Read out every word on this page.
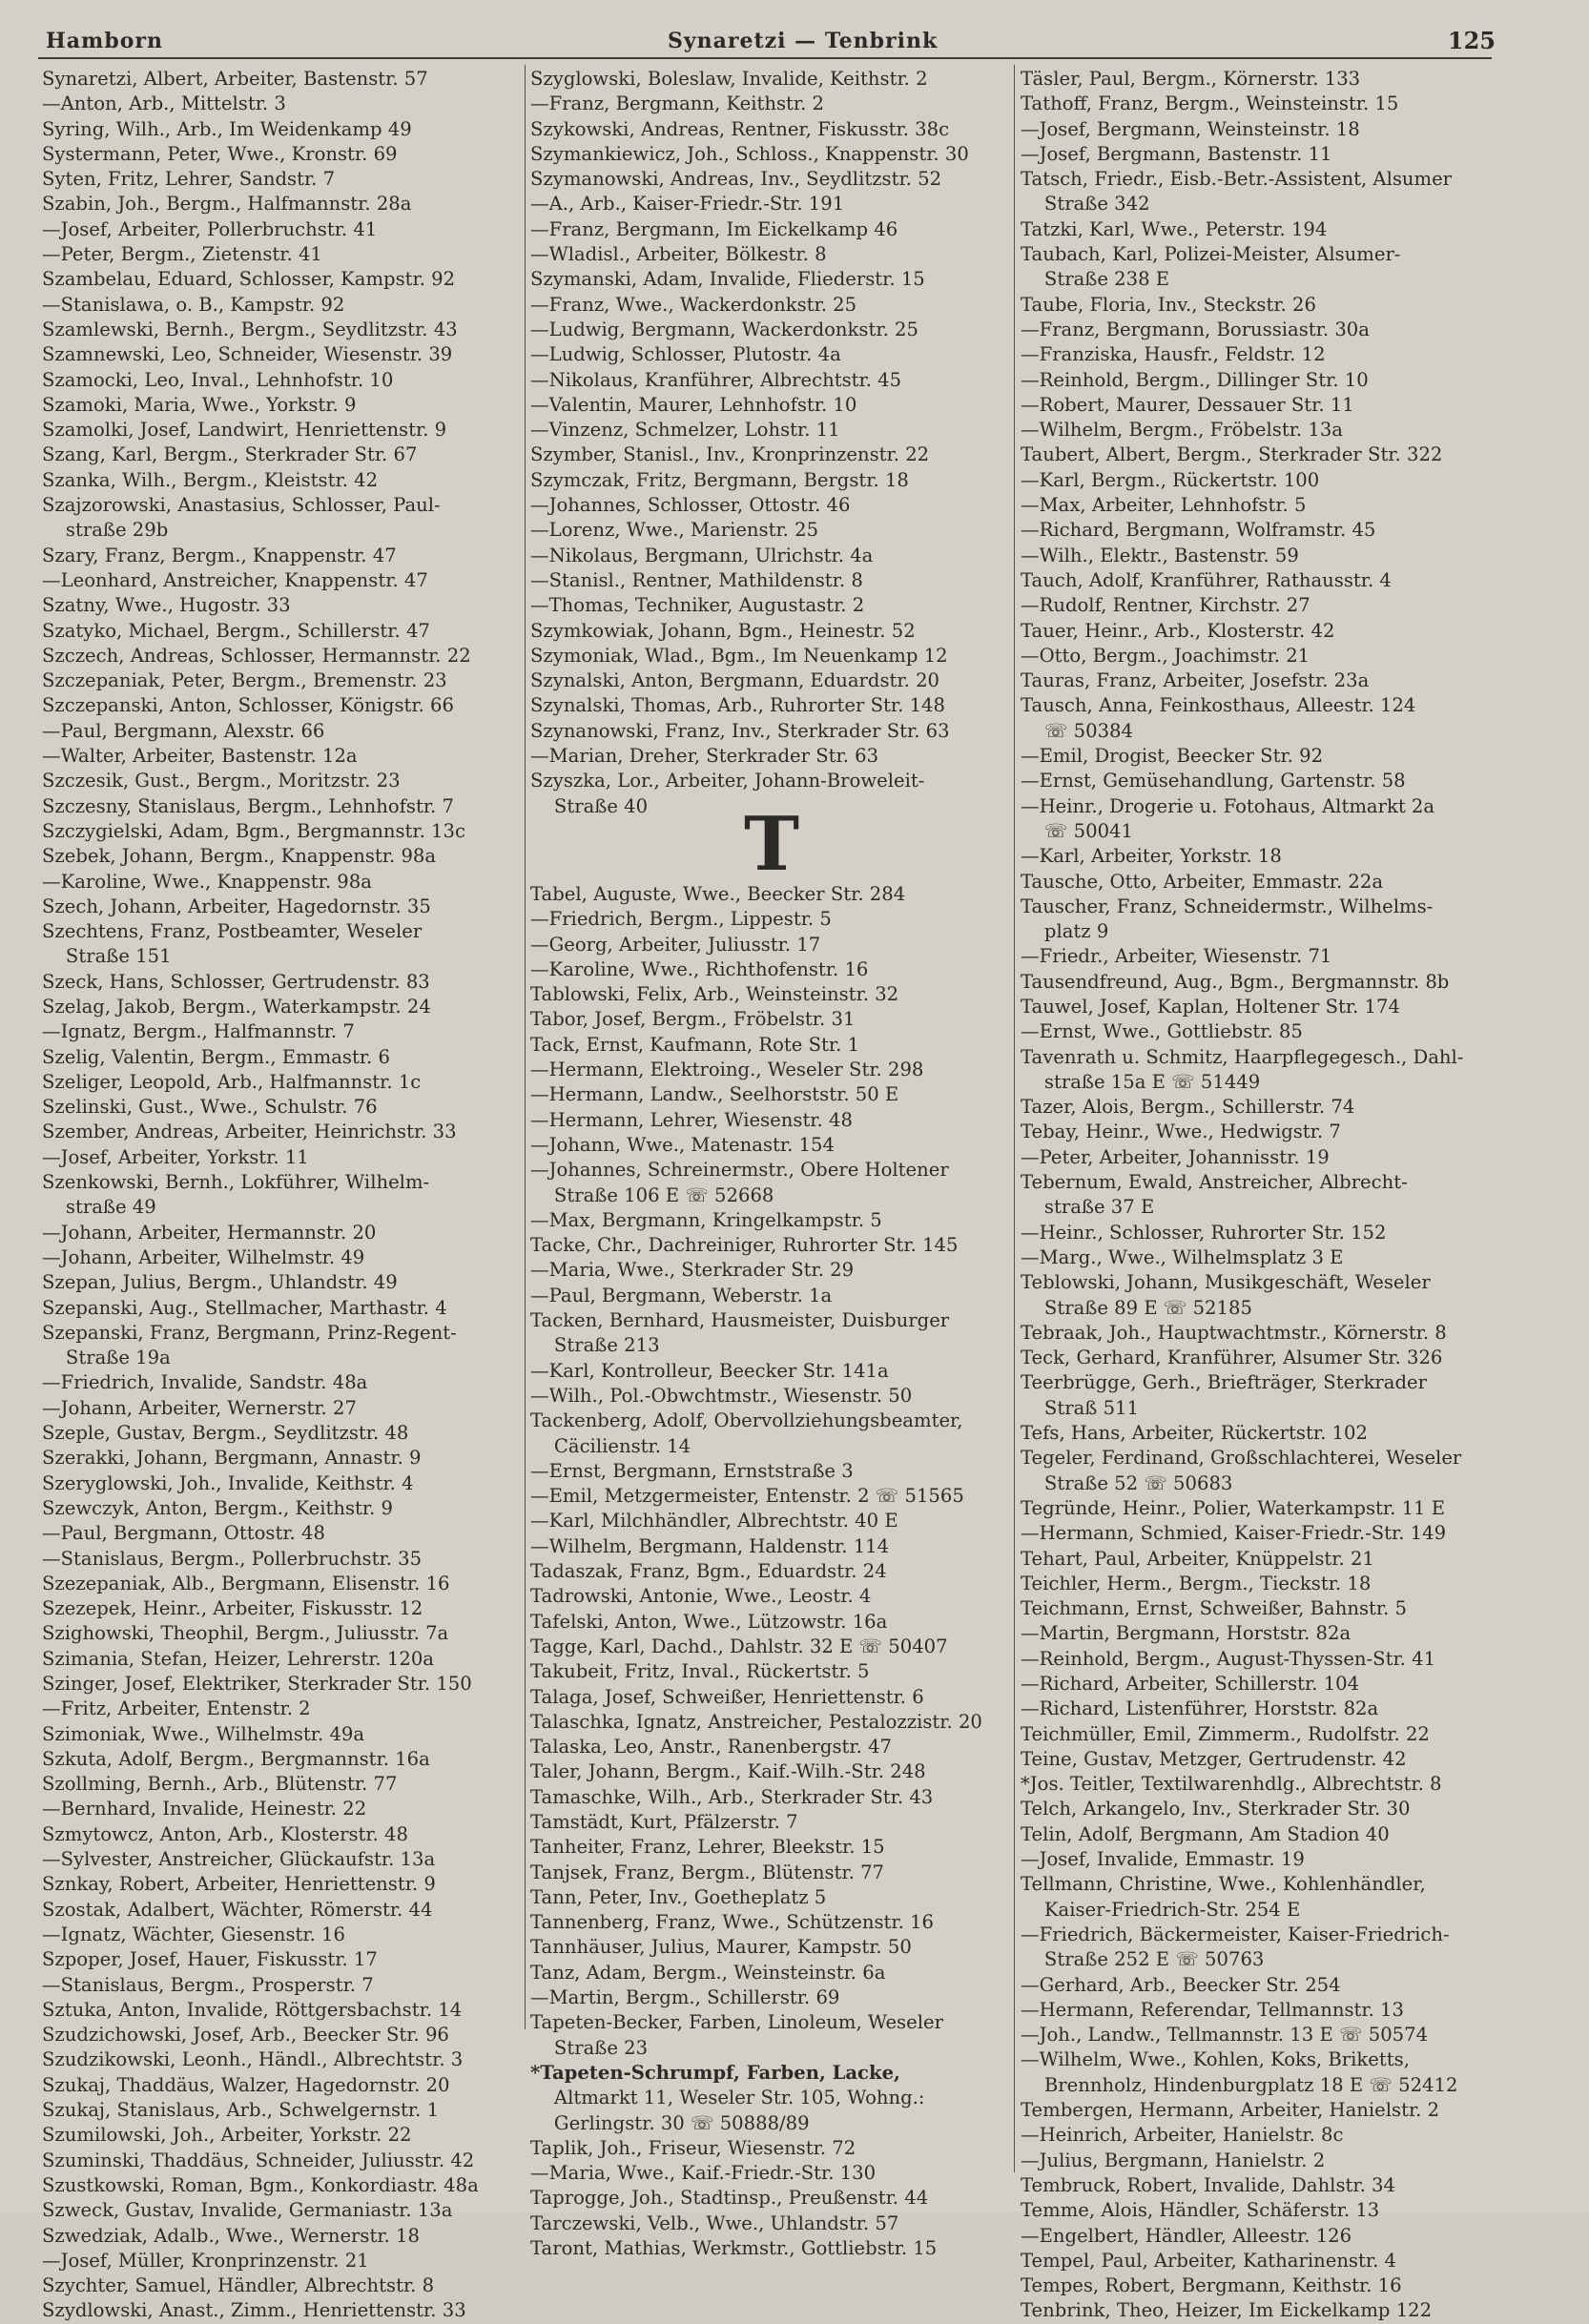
Hamborn	Synaretzi — Tenbrink	125
Synaretzi, Albert, Arbeiter, Bastenstr. 57
—Anton, Arb., Mittelstr. 3
Syring, Wilh., Arb., Im Weidenkamp 49
Systermann, Peter, Wwe., Kronstr. 69
Syten, Fritz, Lehrer, Sandstr. 7
Szabin, Joh., Bergm., Halfmannstr. 28a
—Josef, Arbeiter, Pollerbruchstr. 41
—Peter, Bergm., Zietenstr. 41
Szambelau, Eduard, Schlosser, Kampstr. 92
—Stanislawa, o. B., Kampstr. 92
Szamlewski, Bernh., Bergm., Seydlitzstr. 43
Szamnewski, Leo, Schneider, Wiesenstr. 39
Szamocki, Leo, Inval., Lehnhofstr. 10
Szamoki, Maria, Wwe., Yorkstr. 9
Szamolki, Josef, Landwirt, Henriettenstr. 9
Szang, Karl, Bergm., Sterkrader Str. 67
Szanka, Wilh., Bergm., Kleiststr. 42
Szajzorowski, Anastasius, Schlosser, Paul-
straße 29b
Szary, Franz, Bergm., Knappenstr. 47
—Leonhard, Anstreicher, Knappenstr. 47
Szatny, Wwe., Hugostr. 33
Szatyko, Michael, Bergm., Schillerstr. 47
Szczech, Andreas, Schlosser, Hermannstr. 22
Szczepaniak, Peter, Bergm., Bremenstr. 23
Szczepanski, Anton, Schlosser, Königstr. 66
—Paul, Bergmann, Alexstr. 66
—Walter, Arbeiter, Bastenstr. 12a
Szczesik, Gust., Bergm., Moritzstr. 23
Szczesny, Stanislaus, Bergm., Lehnhofstr. 7
Szczygielski, Adam, Bgm., Bergmannstr. 13c
Szebek, Johann, Bergm., Knappenstr. 98a
—Karoline, Wwe., Knappenstr. 98a
Szech, Johann, Arbeiter, Hagedornstr. 35
Szechtens, Franz, Postbeamter, Weseler
Straße 151
Szeck, Hans, Schlosser, Gertrudenstr. 83
Szelag, Jakob, Bergm., Waterkampstr. 24
—Ignatz, Bergm., Halfmannstr. 7
Szelig, Valentin, Bergm., Emmastr. 6
Szeliger, Leopold, Arb., Halfmannstr. 1c
Szelinski, Gust., Wwe., Schulstr. 76
Szember, Andreas, Arbeiter, Heinrichstr. 33
—Josef, Arbeiter, Yorkstr. 11
Szenkowski, Bernh., Lokführer, Wilhelm-
straße 49
—Johann, Arbeiter, Hermannstr. 20
—Johann, Arbeiter, Wilhelmstr. 49
Szepan, Julius, Bergm., Uhlandstr. 49
Szepanski, Aug., Stellmacher, Marthastr. 4
Szepanski, Franz, Bergmann, Prinz-Regent-
Straße 19a
—Friedrich, Invalide, Sandstr. 48a
—Johann, Arbeiter, Wernerstr. 27
Szeple, Gustav, Bergm., Seydlitzstr. 48
Szerakki, Johann, Bergmann, Annastr. 9
Szeryglowski, Joh., Invalide, Keithstr. 4
Szewczyk, Anton, Bergm., Keithstr. 9
—Paul, Bergmann, Ottostr. 48
—Stanislaus, Bergm., Pollerbruchstr. 35
Szezepaniak, Alb., Bergmann, Elisenstr. 16
Szezepek, Heinr., Arbeiter, Fiskusstr. 12
Szighowski, Theophil, Bergm., Juliusstr. 7a
Szimania, Stefan, Heizer, Lehrerstr. 120a
Szinger, Josef, Elektriker, Sterkrader Str. 150
—Fritz, Arbeiter, Entenstr. 2
Szimoniak, Wwe., Wilhelmstr. 49a
Szkuta, Adolf, Bergm., Bergmannstr. 16a
Szollming, Bernh., Arb., Blütenstr. 77
—Bernhard, Invalide, Heinestr. 22
Szmytowcz, Anton, Arb., Klosterstr. 48
—Sylvester, Anstreicher, Glückaufstr. 13a
Sznkay, Robert, Arbeiter, Henriettenstr. 9
Szostak, Adalbert, Wächter, Römerstr. 44
—Ignatz, Wächter, Giesenstr. 16
Szpoper, Josef, Hauer, Fiskusstr. 17
—Stanislaus, Bergm., Prosperstr. 7
Sztuka, Anton, Invalide, Röttgersbachstr. 14
Szudzichowski, Josef, Arb., Beecker Str. 96
Szudzikowski, Leonh., Händl., Albrechtstr. 3
Szukaj, Thaddäus, Walzer, Hagedornstr. 20
Szukaj, Stanislaus, Arb., Schwelgernstr. 1
Szumilowski, Joh., Arbeiter, Yorkstr. 22
Szuminski, Thaddäus, Schneider, Juliusstr. 42
Szustkowski, Roman, Bgm., Konkordiastr. 48a
Szweck, Gustav, Invalide, Germaniastr. 13a
Szwedziak, Adalb., Wwe., Wernerstr. 18
—Josef, Müller, Kronprinzenstr. 21
Szychter, Samuel, Händler, Albrechtstr. 8
Szydlowski, Anast., Zimm., Henriettenstr. 33
Szyglowski, Boleslaw, Invalide, Keithstr. 2
—Franz, Bergmann, Keithstr. 2
Szykowski, Andreas, Rentner, Fiskusstr. 38c
Szymankiewicz, Joh., Schloss., Knappenstr. 30
Szymanowski, Andreas, Inv., Seydlitzstr. 52
—A., Arb., Kaiser-Friedr.-Str. 191
—Franz, Bergmann, Im Eickelkamp 46
—Wladisl., Arbeiter, Bölkestr. 8
Szymanski, Adam, Invalide, Fliederstr. 15
—Franz, Wwe., Wackerdonkstr. 25
—Ludwig, Bergmann, Wackerdonkstr. 25
—Ludwig, Schlosser, Plutostr. 4a
—Nikolaus, Kranführer, Albrechtstr. 45
—Valentin, Maurer, Lehnhofstr. 10
—Vinzenz, Schmelzer, Lohstr. 11
Szymber, Stanisl., Inv., Kronprinzenstr. 22
Szymczak, Fritz, Bergmann, Bergstr. 18
—Johannes, Schlosser, Ottostr. 46
—Lorenz, Wwe., Marienstr. 25
—Nikolaus, Bergmann, Ulrichstr. 4a
—Stanisl., Rentner, Mathildenstr. 8
—Thomas, Techniker, Augustastr. 2
Szymkowiak, Johann, Bgm., Heinestr. 52
Szymoniak, Wlad., Bgm., Im Neuenkamp 12
Szynalski, Anton, Bergmann, Eduardstr. 20
Szynalski, Thomas, Arb., Ruhrorter Str. 148
Szynanowski, Franz, Inv., Sterkrader Str. 63
—Marian, Dreher, Sterkrader Str. 63
Szyszka, Lor., Arbeiter, Johann-Broweleit-
Straße 40	T
Tabel, Auguste, Wwe., Beecker Str. 284
—Friedrich, Bergm., Lippestr. 5
—Georg, Arbeiter, Juliusstr. 17
—Karoline, Wwe., Richthofenstr. 16
Tablowski, Felix, Arb., Weinsteinstr. 32
Tabor, Josef, Bergm., Fröbelstr. 31
Tack, Ernst, Kaufmann, Rote Str. 1
—Hermann, Elektroing., Weseler Str. 298
—Hermann, Landw., Seelhorststr. 50 E
—Hermann, Lehrer, Wiesenstr. 48
—Johann, Wwe., Matenastr. 154
—Johannes, Schreinermstr., Obere Holtener
Straße 106 E ☏ 52668
—Max, Bergmann, Kringelkampstr. 5
Tacke, Chr., Dachreiniger, Ruhrorter Str. 145
—Maria, Wwe., Sterkrader Str. 29
—Paul, Bergmann, Weberstr. 1a
Tacken, Bernhard, Hausmeister, Duisburger
Straße 213
—Karl, Kontrolleur, Beecker Str. 141a
—Wilh., Pol.-Obwchtmstr., Wiesenstr. 50
Tackenberg, Adolf, Obervollziehungsbeamter,
Cäcilienstr. 14
—Ernst, Bergmann, Ernststraße 3
—Emil, Metzgermeister, Entenstr. 2 ☏ 51565
—Karl, Milchhändler, Albrechtstr. 40 E
—Wilhelm, Bergmann, Haldenstr. 114
Tadaszak, Franz, Bgm., Eduardstr. 24
Tadrowski, Antonie, Wwe., Leostr. 4
Tafelski, Anton, Wwe., Lützowstr. 16a
Tagge, Karl, Dachd., Dahlstr. 32 E ☏ 50407
Takubeit, Fritz, Inval., Rückertstr. 5
Talaga, Josef, Schweißer, Henriettenstr. 6
Talaschka, Ignatz, Anstreicher, Pestalozzistr. 20
Talaska, Leo, Anstr., Ranenbergstr. 47
Taler, Johann, Bergm., Kaif.-Wilh.-Str. 248
Tamaschke, Wilh., Arb., Sterkrader Str. 43
Tamstädt, Kurt, Pfälzerstr. 7
Tanheiter, Franz, Lehrer, Bleekstr. 15
Tanjsek, Franz, Bergm., Blütenstr. 77
Tann, Peter, Inv., Goetheplatz 5
Tannenberg, Franz, Wwe., Schützenstr. 16
Tannhäuser, Julius, Maurer, Kampstr. 50
Tanz, Adam, Bergm., Weinsteinstr. 6a
—Martin, Bergm., Schillerstr. 69
Tapeten-Becker, Farben, Linoleum, Weseler
Straße 23
*Tapeten-Schrumpf, Farben, Lacke,
Altmarkt 11, Weseler Str. 105, Wohng.:
Gerlingstr. 30 ☏ 50888/89
Taplik, Joh., Friseur, Wiesenstr. 72
—Maria, Wwe., Kaif.-Friedr.-Str. 130
Taprogge, Joh., Stadtinsp., Preußenstr. 44
Tarczewski, Velb., Wwe., Uhlandstr. 57
Taront, Mathias, Werkmstr., Gottliebstr. 15
Täsler, Paul, Bergm., Körnerstr. 133
Tathoff, Franz, Bergm., Weinsteinstr. 15
—Josef, Bergmann, Weinsteinstr. 18
—Josef, Bergmann, Bastenstr. 11
Tatsch, Friedr., Eisb.-Betr.-Assistent, Alsumer
Straße 342
Tatzki, Karl, Wwe., Peterstr. 194
Taubach, Karl, Polizei-Meister, Alsumer-
Straße 238 E
Taube, Floria, Inv., Steckstr. 26
—Franz, Bergmann, Borussiastr. 30a
—Franziska, Hausfr., Feldstr. 12
—Reinhold, Bergm., Dillinger Str. 10
—Robert, Maurer, Dessauer Str. 11
—Wilhelm, Bergm., Fröbelstr. 13a
Taubert, Albert, Bergm., Sterkrader Str. 322
—Karl, Bergm., Rückertstr. 100
—Max, Arbeiter, Lehnhofstr. 5
—Richard, Bergmann, Wolframstr. 45
—Wilh., Elektr., Bastenstr. 59
Tauch, Adolf, Kranführer, Rathausstr. 4
—Rudolf, Rentner, Kirchstr. 27
Tauer, Heinr., Arb., Klosterstr. 42
—Otto, Bergm., Joachimstr. 21
Tauras, Franz, Arbeiter, Josefstr. 23a
Tausch, Anna, Feinkosthaus, Alleestr. 124
☏ 50384
—Emil, Drogist, Beecker Str. 92
—Ernst, Gemüsehandlung, Gartenstr. 58
—Heinr., Drogerie u. Fotohaus, Altmarkt 2a
☏ 50041
—Karl, Arbeiter, Yorkstr. 18
Tausche, Otto, Arbeiter, Emmastr. 22a
Tauscher, Franz, Schneidermstr., Wilhelms-
platz 9
—Friedr., Arbeiter, Wiesenstr. 71
Tausendfreund, Aug., Bgm., Bergmannstr. 8b
Tauwel, Josef, Kaplan, Holtener Str. 174
—Ernst, Wwe., Gottliebstr. 85
Tavenrath u. Schmitz, Haarpflegegesch., Dahl-
straße 15a E ☏ 51449
Tazer, Alois, Bergm., Schillerstr. 74
Tebay, Heinr., Wwe., Hedwigstr. 7
—Peter, Arbeiter, Johannisstr. 19
Tebernum, Ewald, Anstreicher, Albrecht-
straße 37 E
—Heinr., Schlosser, Ruhrorter Str. 152
—Marg., Wwe., Wilhelmsplatz 3 E
Teblowski, Johann, Musikgeschäft, Weseler
Straße 89 E ☏ 52185
Tebraak, Joh., Hauptwachtmstr., Körnerstr. 8
Teck, Gerhard, Kranführer, Alsumer Str. 326
Teerbrügge, Gerh., Briefträger, Sterkrader
Straß 511
Tefs, Hans, Arbeiter, Rückertstr. 102
Tegeler, Ferdinand, Großschlachterei, Weseler
Straße 52 ☏ 50683
Tegründe, Heinr., Polier, Waterkampstr. 11 E
—Hermann, Schmied, Kaiser-Friedr.-Str. 149
Tehart, Paul, Arbeiter, Knüppelstr. 21
Teichler, Herm., Bergm., Tieckstr. 18
Teichmann, Ernst, Schweißer, Bahnstr. 5
—Martin, Bergmann, Horststr. 82a
—Reinhold, Bergm., August-Thyssen-Str. 41
—Richard, Arbeiter, Schillerstr. 104
—Richard, Listenführer, Horststr. 82a
Teichmüller, Emil, Zimmerm., Rudolfstr. 22
Teine, Gustav, Metzger, Gertrudenstr. 42
*Jos. Teitler, Textilwarenhdlg., Albrechtstr. 8
Telch, Arkangelo, Inv., Sterkrader Str. 30
Telin, Adolf, Bergmann, Am Stadion 40
—Josef, Invalide, Emmastr. 19
Tellmann, Christine, Wwe., Kohlenhändler,
Kaiser-Friedrich-Str. 254 E
—Friedrich, Bäckermeister, Kaiser-Friedrich-
Straße 252 E ☏ 50763
—Gerhard, Arb., Beecker Str. 254
—Hermann, Referendar, Tellmannstr. 13
—Joh., Landw., Tellmannstr. 13 E ☏ 50574
—Wilhelm, Wwe., Kohlen, Koks, Briketts,
Brennholz, Hindenburgplatz 18 E ☏ 52412
Tembergen, Hermann, Arbeiter, Hanielstr. 2
—Heinrich, Arbeiter, Hanielstr. 8c
—Julius, Bergmann, Hanielstr. 2
Tembruck, Robert, Invalide, Dahlstr. 34
Temme, Alois, Händler, Schäferstr. 13
—Engelbert, Händler, Alleestr. 126
Tempel, Paul, Arbeiter, Katharinenstr. 4
Tempes, Robert, Bergmann, Keithstr. 16
Tenbrink, Theo, Heizer, Im Eickelkamp 122
